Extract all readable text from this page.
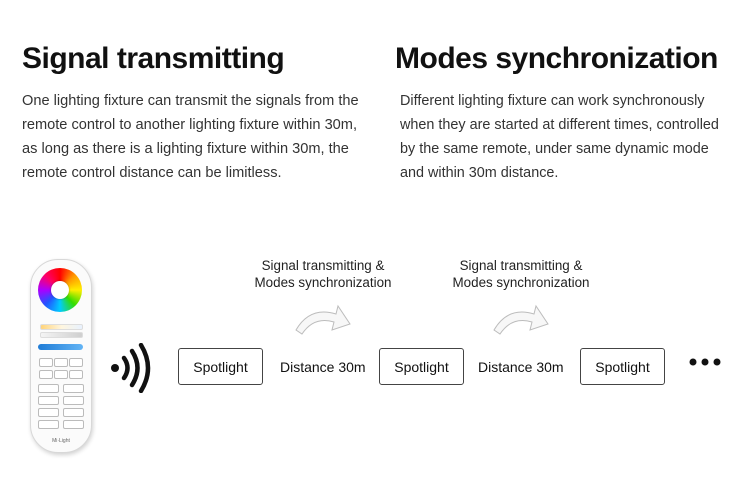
Signal transmitting
One lighting fixture can transmit the signals from the remote control to another lighting fixture within 30m, as long as there is a lighting fixture within 30m, the remote control distance can be limitless.
Modes synchronization
Different lighting fixture can work synchronously when they are started at different times, controlled by the same remote, under same dynamic mode and within 30m distance.
Mi·Light
Signal transmitting &
Modes synchronization
Signal transmitting &
Modes synchronization
Spotlight	Distance 30m	Spotlight	Distance 30m	Spotlight
